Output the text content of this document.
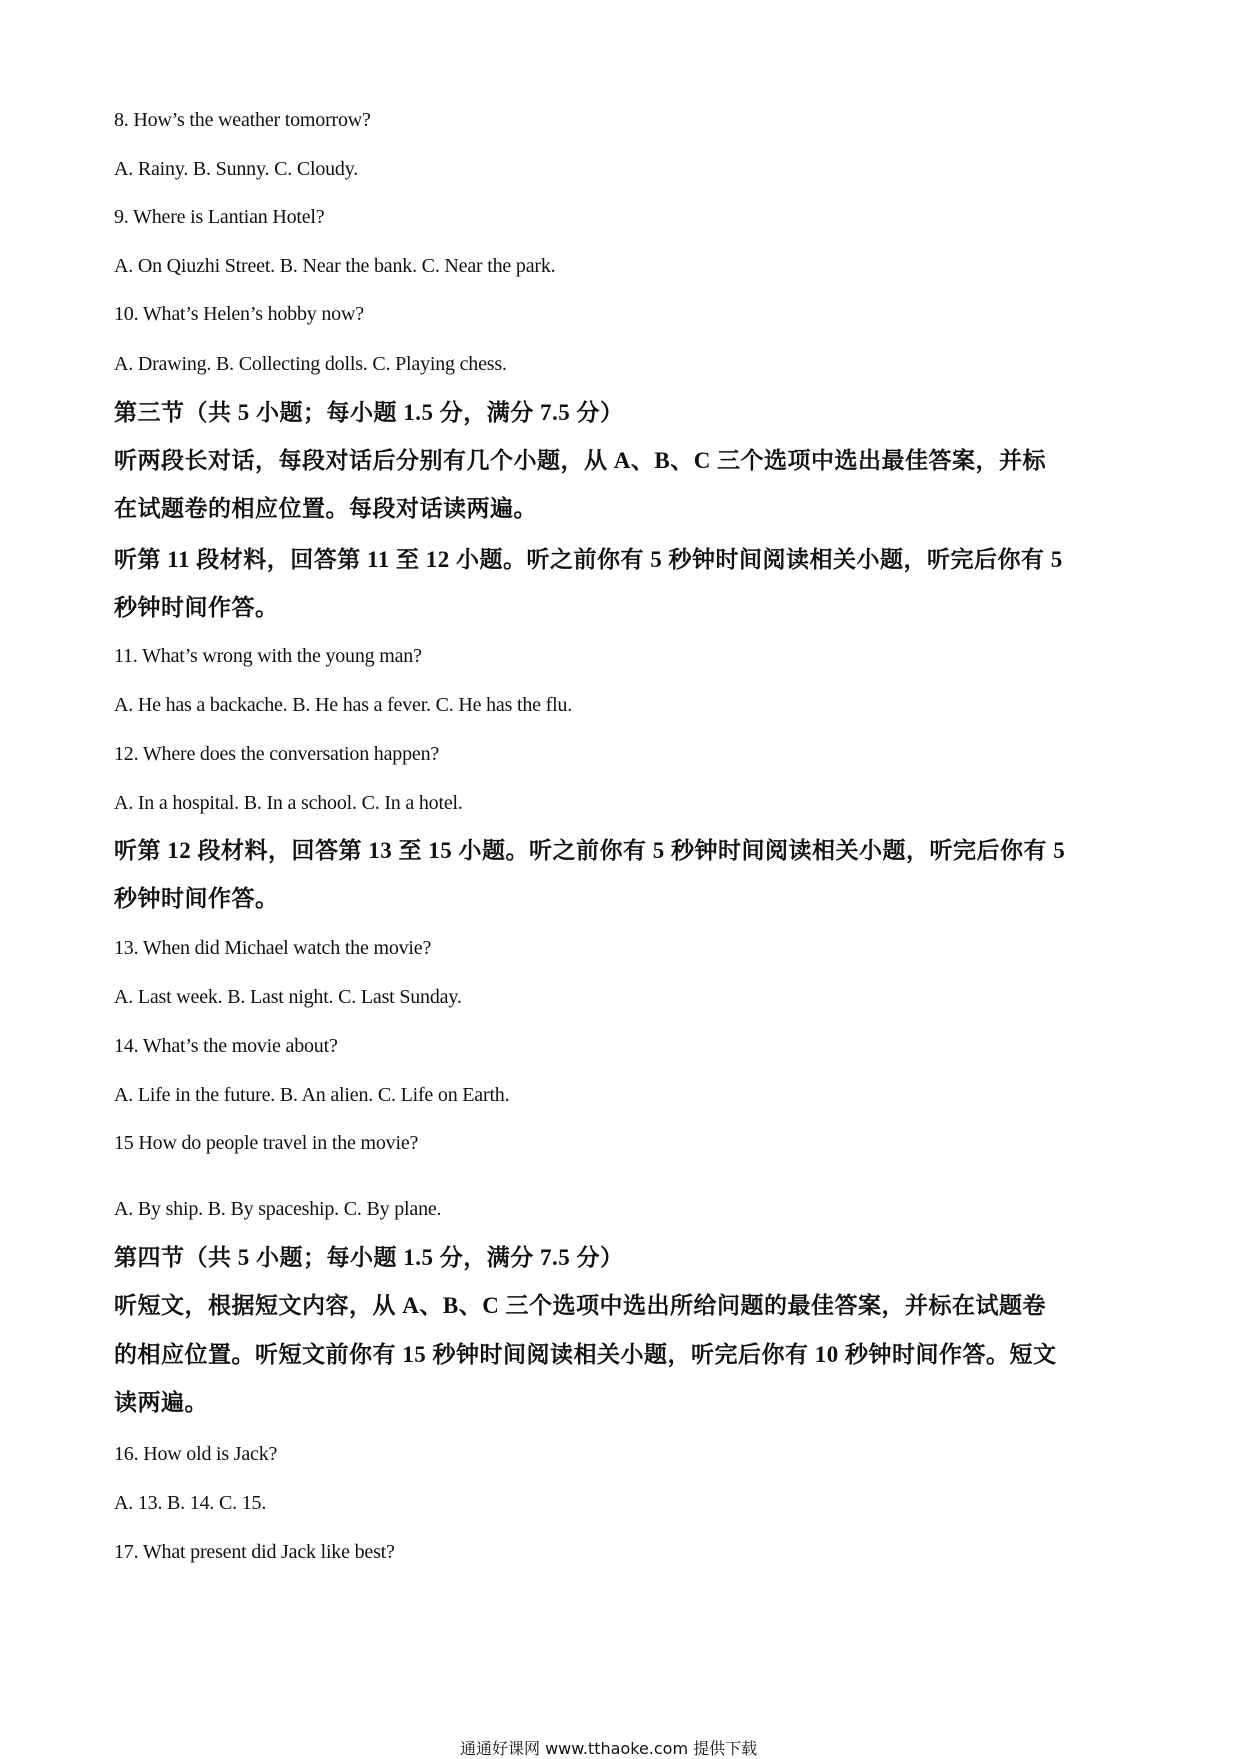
8. How’s the weather tomorrow?
A. Rainy. B. Sunny. C. Cloudy.
9. Where is Lantian Hotel?
A. On Qiuzhi Street. B. Near the bank. C. Near the park.
10. What’s Helen’s hobby now?
A. Drawing. B. Collecting dolls. C. Playing chess.
第三节（共 5 小题；每小题 1.5 分，满分 7.5 分）
听两段长对话，每段对话后分别有几个小题，从 A、B、C 三个选项中选出最佳答案，并标
在试题卷的相应位置。每段对话读两遍。
听第 11 段材料，回答第 11 至 12 小题。听之前你有 5 秒钟时间阅读相关小题，听完后你有 5
秒钟时间作答。
11. What’s wrong with the young man?
A. He has a backache. B. He has a fever. C. He has the flu.
12. Where does the conversation happen?
A. In a hospital. B. In a school. C. In a hotel.
听第 12 段材料，回答第 13 至 15 小题。听之前你有 5 秒钟时间阅读相关小题，听完后你有 5
秒钟时间作答。
13. When did Michael watch the movie?
A. Last week. B. Last night. C. Last Sunday.
14. What’s the movie about?
A. Life in the future. B. An alien. C. Life on Earth.
15 How do people travel in the movie?
A. By ship. B. By spaceship. C. By plane.
第四节（共 5 小题；每小题 1.5 分，满分 7.5 分）
听短文，根据短文内容，从 A、B、C 三个选项中选出所给问题的最佳答案，并标在试题卷
的相应位置。听短文前你有 15 秒钟时间阅读相关小题，听完后你有 10 秒钟时间作答。短文
读两遍。
16. How old is Jack?
A. 13. B. 14. C. 15.
17. What present did Jack like best?
通通好课网 www.tthaoke.com 提供下载
